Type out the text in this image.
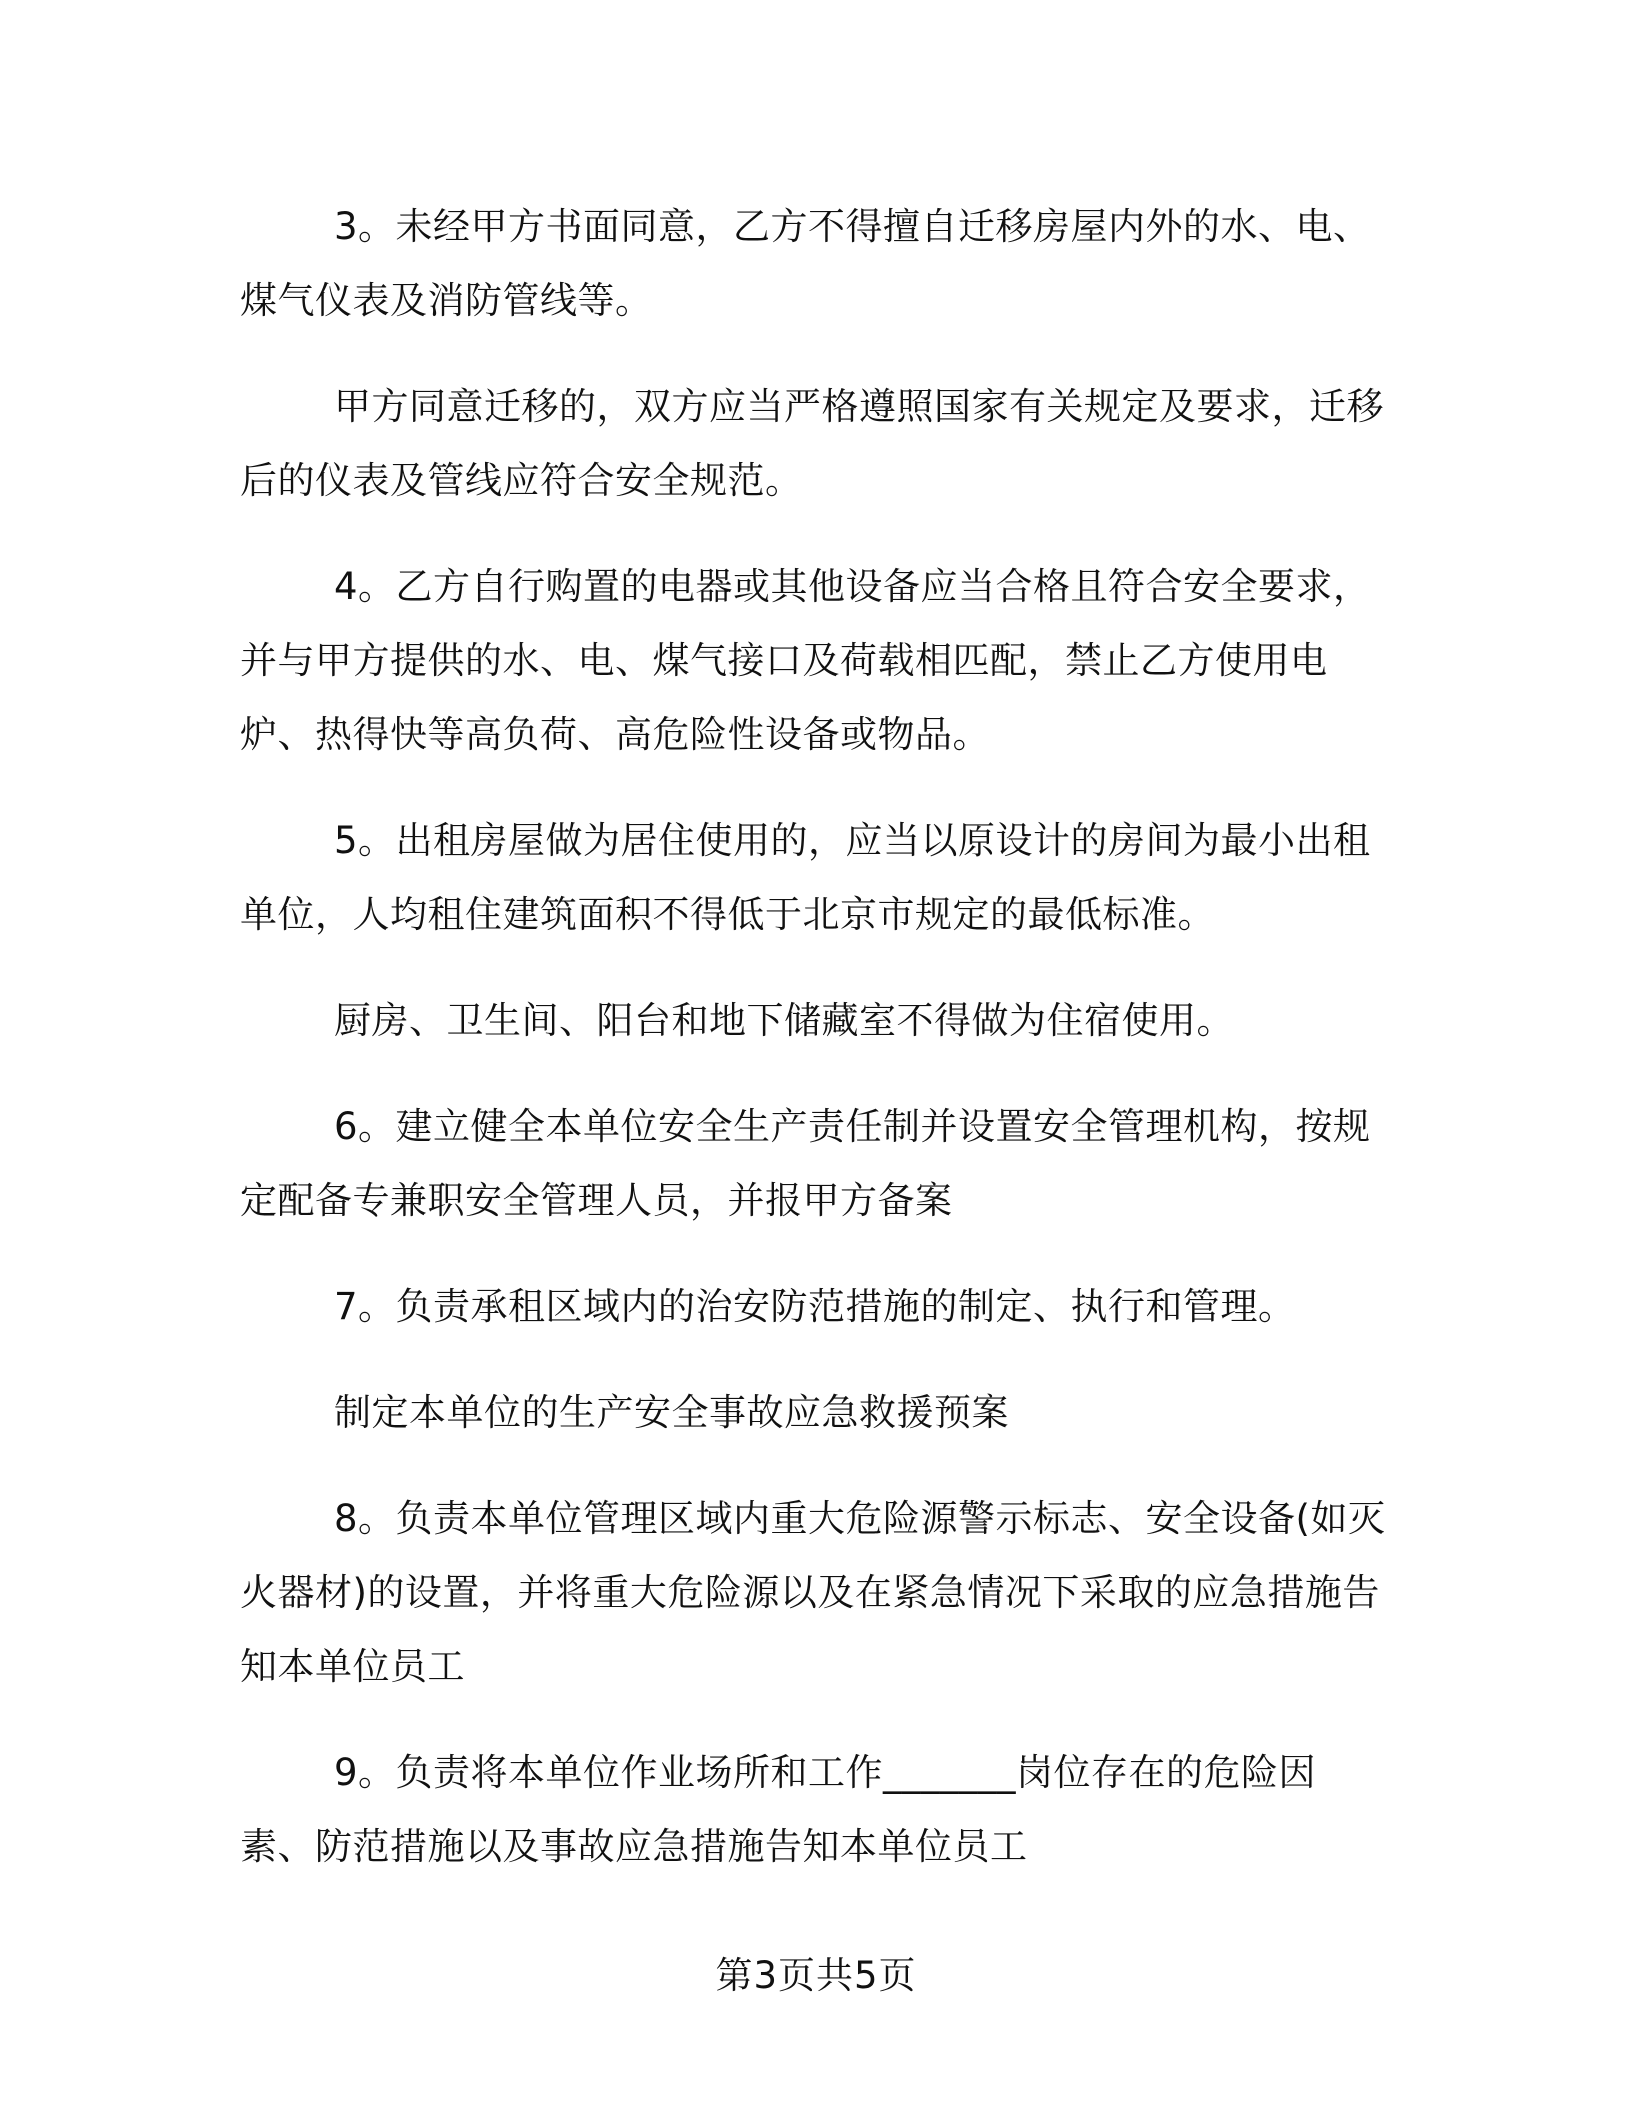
3。未经甲方书面同意，乙方不得擅自迁移房屋内外的水、电、煤气仪表及消防管线等。

甲方同意迁移的，双方应当严格遵照国家有关规定及要求，迁移后的仪表及管线应符合安全规范。

4。乙方自行购置的电器或其他设备应当合格且符合安全要求，并与甲方提供的水、电、煤气接口及荷载相匹配，禁止乙方使用电炉、热得快等高负荷、高危险性设备或物品。

5。出租房屋做为居住使用的，应当以原设计的房间为最小出租单位，人均租住建筑面积不得低于北京市规定的最低标准。

厨房、卫生间、阳台和地下储藏室不得做为住宿使用。

6。建立健全本单位安全生产责任制并设置安全管理机构，按规定配备专兼职安全管理人员，并报甲方备案

7。负责承租区域内的治安防范措施的制定、执行和管理。

制定本单位的生产安全事故应急救援预案

8。负责本单位管理区域内重大危险源警示标志、安全设备(如灭火器材)的设置，并将重大危险源以及在紧急情况下采取的应急措施告知本单位员工

9。负责将本单位作业场所和工作_______岗位存在的危险因素、防范措施以及事故应急措施告知本单位员工

第3页共5页
